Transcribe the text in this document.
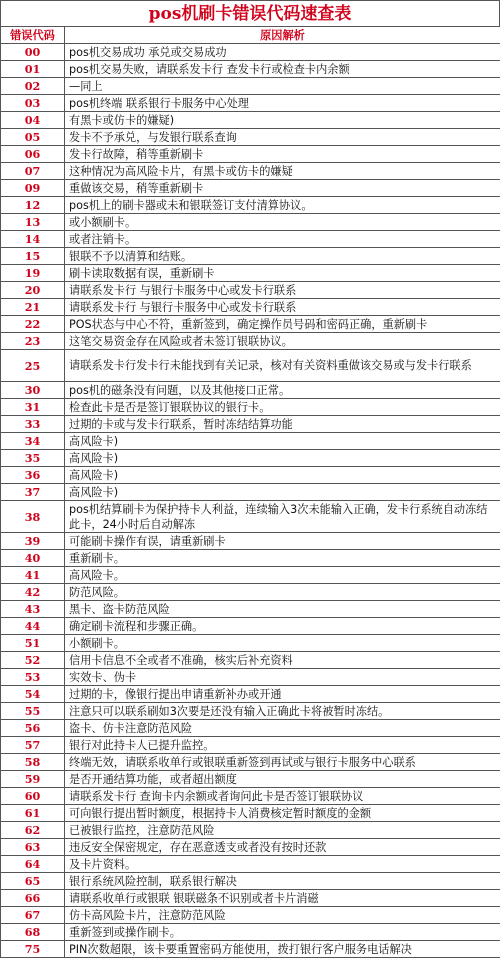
pos机刷卡错误代码速查表
错误代码	原因解析
00	pos机交易成功 承兑或交易成功
01	pos机交易失败，请联系发卡行 查发卡行或检查卡内余额
02	—同上
03	pos机终端 联系银行卡服务中心处理
04	有黑卡或仿卡的嫌疑)
05	发卡不予承兑，与发银行联系查询
06	发卡行故障，稍等重新刷卡
07	这种情况为高风险卡片，有黑卡或仿卡的嫌疑
09	重做该交易，稍等重新刷卡
12	pos机上的刷卡器或未和银联签订支付清算协议。
13	或小额刷卡。
14	或者注销卡。
15	银联不予以清算和结账。
19	刷卡读取数据有误，重新刷卡
20	请联系发卡行 与银行卡服务中心或发卡行联系
21	请联系发卡行 与银行卡服务中心或发卡行联系
22	POS状态与中心不符，重新签到，确定操作员号码和密码正确，重新刷卡
23	这笔交易资金存在风险或者未签订银联协议。
25	请联系发卡行发卡行未能找到有关记录，核对有关资料重做该交易或与发卡行联系
30	pos机的磁条没有问题，以及其他接口正常。
31	检查此卡是否是签订银联协议的银行卡。
33	过期的卡或与发卡行联系，暂时冻结结算功能
34	高风险卡)
35	高风险卡)
36	高风险卡)
37	高风险卡)
38	pos机结算刷卡为保护持卡人利益，连续输入3次未能输入正确，发卡行系统自动冻结此卡，24小时后自动解冻
39	可能刷卡操作有误，请重新刷卡
40	重新刷卡。
41	高风险卡。
42	防范风险。
43	黑卡、盗卡防范风险
44	确定刷卡流程和步骤正确。
51	小额刷卡。
52	信用卡信息不全或者不准确，核实后补充资料
53	实效卡、伪卡
54	过期的卡，像银行提出申请重新补办或开通
55	注意只可以联系刷如3次要是还没有输入正确此卡将被暂时冻结。
56	盗卡、仿卡注意防范风险
57	银行对此持卡人已提升监控。
58	终端无效，请联系收单行或银联重新签到再试或与银行卡服务中心联系
59	是否开通结算功能，或者超出额度
60	请联系发卡行 查询卡内余额或者询问此卡是否签订银联协议
61	可向银行提出暂时额度，根据持卡人消费核定暂时额度的金额
62	已被银行监控，注意防范风险
63	违反安全保密规定，存在恶意透支或者没有按时还款
64	及卡片资料。
65	银行系统风险控制，联系银行解决
66	请联系收单行或银联 银联磁条不识别或者卡片消磁
67	仿卡高风险卡片，注意防范风险
68	重新签到或操作刷卡。
75	PIN次数超限，该卡要重置密码方能使用，拨打银行客户服务电话解决
